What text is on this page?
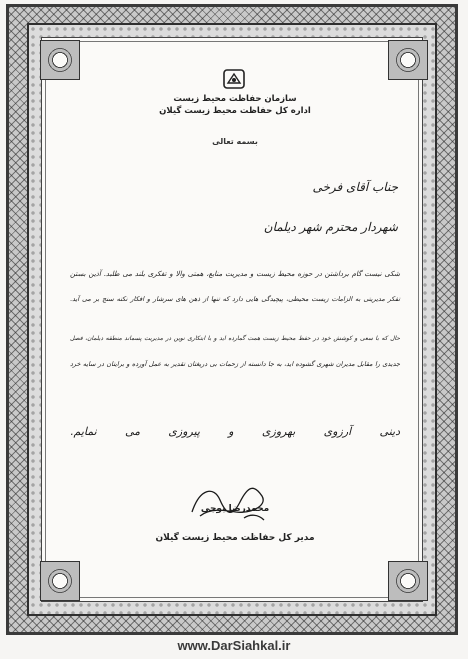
سازمان حفاظت محیط زیست
اداره کل حفاظت محیط زیست گیلان
بسمه تعالی
جناب آقای فرخی
شهردار محترم شهر دیلمان
شکی نیست گام برداشتن در حوزه محیط زیست و مدیریت منابع، همتی والا و تفکری بلند می طلبد. آذین بستن
تفکر مدیریتی به الزامات زیست محیطی، پیچیدگی هایی دارد که تنها از ذهن های سرشار و افکار نکته سنج بر می آید.
حال که با سعی و کوشش خود در حفظ محیط زیست همت گمارده اید و با ابتکاری نوین در مدیریت پسماند منطقه دیلمان، فصل
جدیدی را مقابل مدیران شهری گشوده اید، به جا دانسته از زحمات بی دریغتان تقدیر به عمل آورده و برایتان در سایه خرد
دینی آرزوی بهروزی و پیروزی می نمایم.
محمدرضا بوجی
مدیر کل حفاظت محیط زیست گیلان
www.DarSiahkal.ir
